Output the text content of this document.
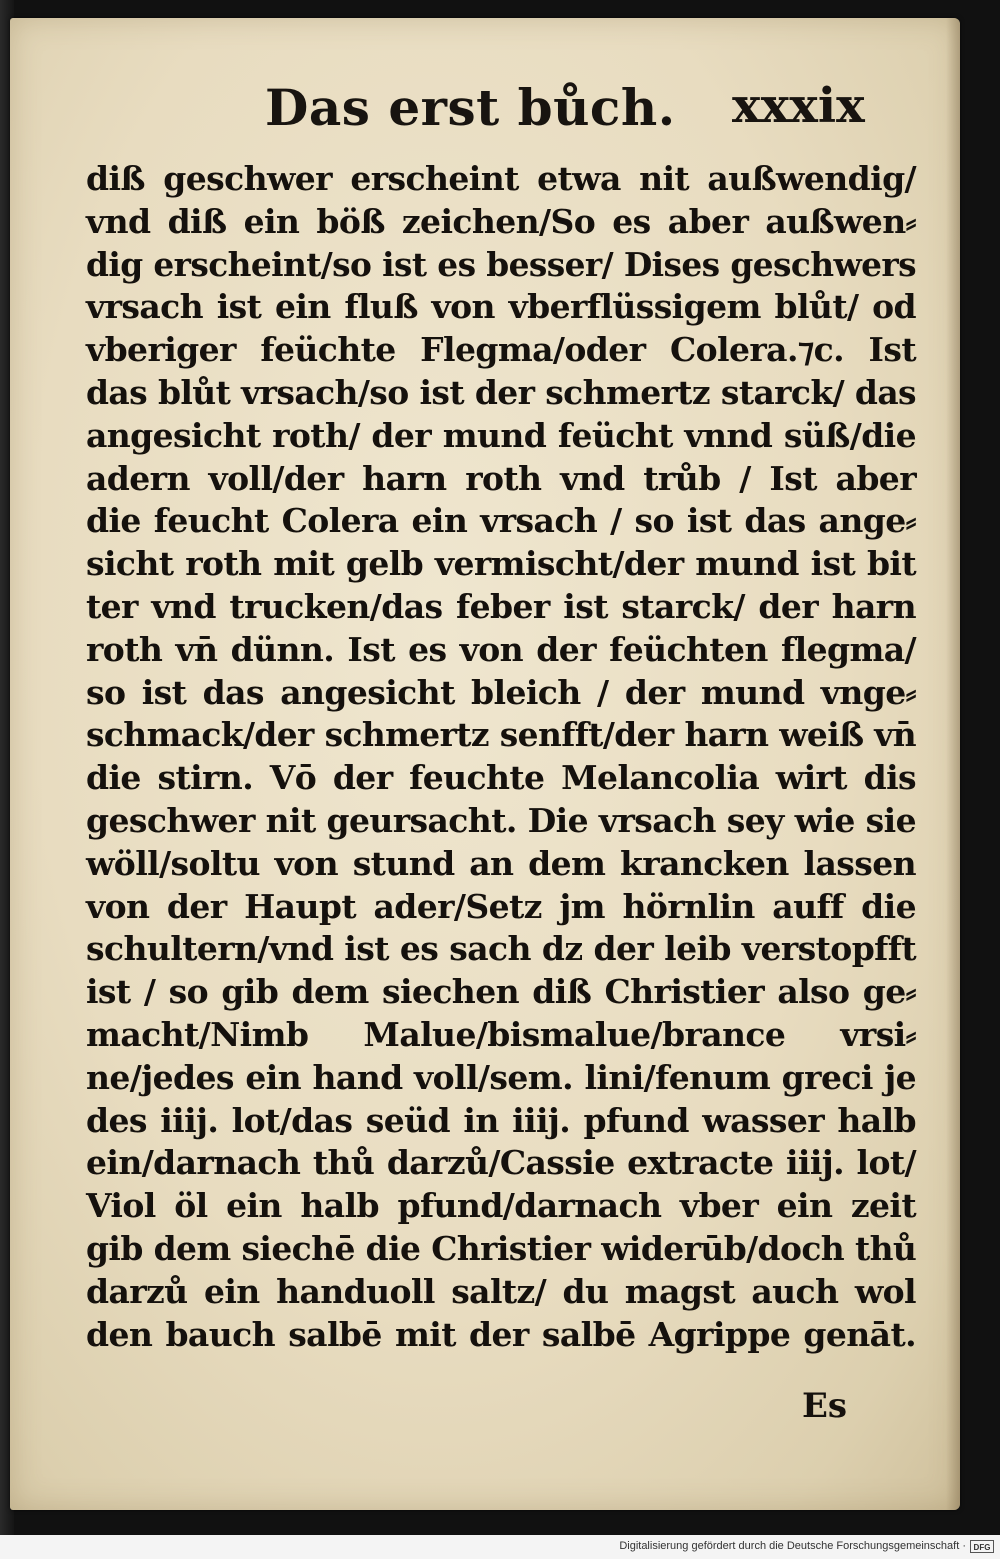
Das erst bůch. xxxix
diß geschwer erscheint etwa nit außwendig/
vnd diß ein böß zeichen/So es aber außwen⸗
dig erscheint/so ist es besser/ Dises geschwers
vrsach ist ein fluß von vberflüssigem blůt/ od
vberiger feüchte Flegma/oder Colera.⁊c. Ist
das blůt vrsach/so ist der schmertz starck/ das
angesicht roth/ der mund feücht vnnd süß/die
adern voll/der harn roth vnd trůb / Ist aber
die feucht Colera ein vrsach / so ist das ange⸗
sicht roth mit gelb vermischt/der mund ist bit
ter vnd trucken/das feber ist starck/ der harn
roth vn̄ dünn. Ist es von der feüchten flegma/
so ist das angesicht bleich / der mund vnge⸗
schmack/der schmertz senfft/der harn weiß vn̄
die stirn. Vō der feuchte Melancolia wirt dis
geschwer nit geursacht. Die vrsach sey wie sie
wöll/soltu von stund an dem krancken lassen
von der Haupt ader/Setz jm hörnlin auff die
schultern/vnd ist es sach dz der leib verstopfft
ist / so gib dem siechen diß Christier also ge⸗
macht/Nimb Malue/bismalue/brance vrsi⸗
ne/jedes ein hand voll/sem. lini/fenum greci je
des iiij. lot/das seüd in iiij. pfund wasser halb
ein/darnach thů darzů/Cassie extracte iiij. lot/
Viol öl ein halb pfund/darnach vber ein zeit
gib dem siechē die Christier widerūb/doch thů
darzů ein handuoll saltz/ du magst auch wol
den bauch salbē mit der salbē Agrippe genāt.
Es
Digitalisierung gefördert durch die Deutsche Forschungsgemeinschaft · DFG
